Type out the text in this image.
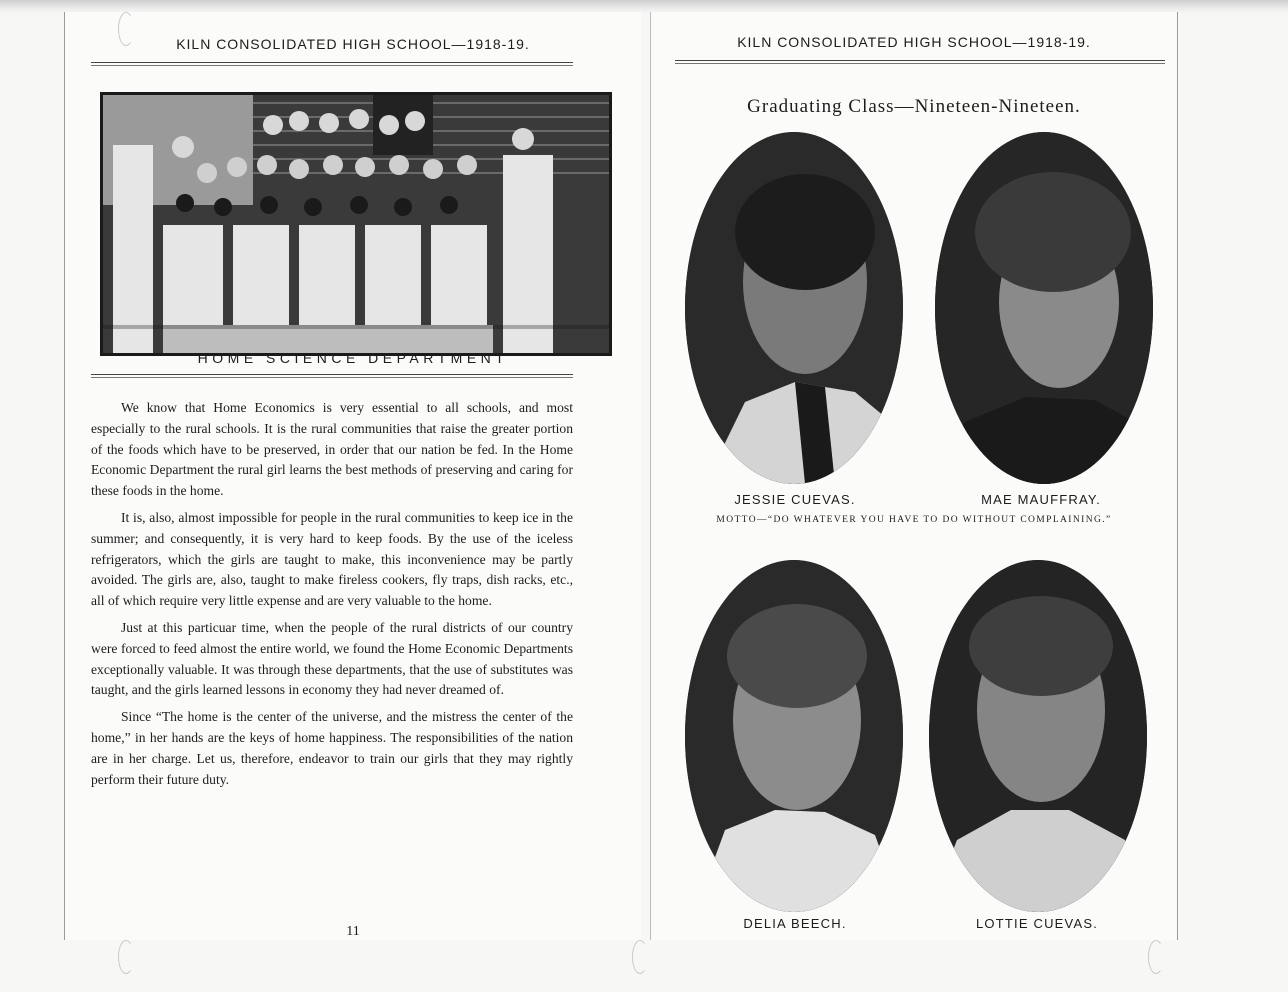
KILN CONSOLIDATED HIGH SCHOOL—1918-19.
HOME SCIENCE DEPARTMENT

We know that Home Economics is very essential to all schools, and most especially to the rural schools. It is the rural communities that raise the greater portion of the foods which have to be preserved, in order that our nation be fed. In the Home Economic Department the rural girl learns the best methods of preserving and caring for these foods in the home.

It is, also, almost impossible for people in the rural communities to keep ice in the summer; and consequently, it is very hard to keep foods. By the use of the iceless refrigerators, which the girls are taught to make, this inconvenience may be partly avoided. The girls are, also, taught to make fireless cookers, fly traps, dish racks, etc., all of which require very little expense and are very valuable to the home.

Just at this particuar time, when the people of the rural districts of our country were forced to feed almost the entire world, we found the Home Economic Departments exceptionally valuable. It was through these departments, that the use of substitutes was taught, and the girls learned lessons in economy they had never dreamed of.

Since “The home is the center of the universe, and the mistress the center of the home,” in her hands are the keys of home happiness. The responsibilities of the nation are in her charge. Let us, therefore, endeavor to train our girls that they may rightly perform their future duty.

11
KILN CONSOLIDATED HIGH SCHOOL—1918-19.
Graduating Class—Nineteen-Nineteen.
JESSIE CUEVAS.	MAE MAUFFRAY.
MOTTO—“DO WHATEVER YOU HAVE TO DO WITHOUT COMPLAINING.”
DELIA BEECH.	LOTTIE CUEVAS.
